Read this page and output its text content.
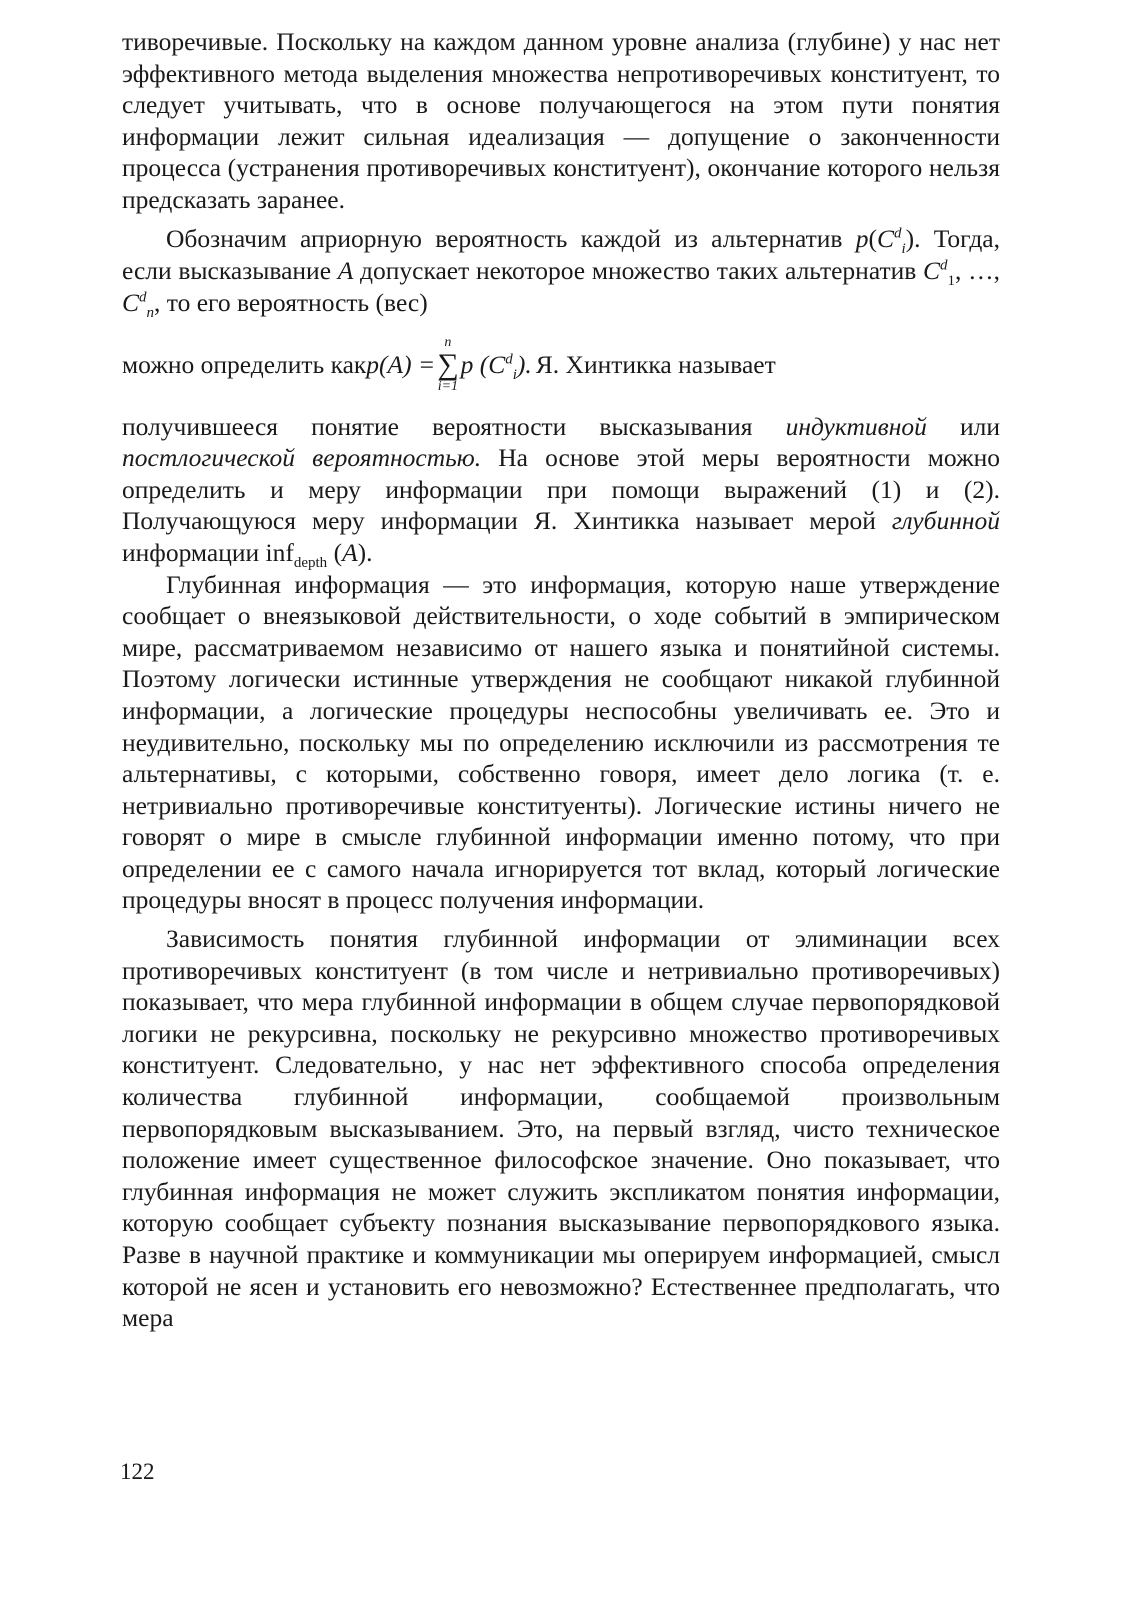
тиворечивые. Поскольку на каждом данном уровне анализа (глубине) у нас нет эффективного метода выделения множества непротиворечивых конституент, то следует учитывать, что в основе получающегося на этом пути понятия информации лежит сильная идеализация — допущение о законченности процесса (устранения противоречивых конституент), окончание которого нельзя предсказать заранее.

Обозначим априорную вероятность каждой из альтернатив $p(C^d_i)$. Тогда, если высказывание A допускает некоторое множество таких альтернатив $C^d_1$, …, $C^d_n$, то его вероятность (вес)

можно определить как p(A) =
n
∑
i=1
p $(C^d_i)$. Я. Хинтикка называет

получившееся понятие вероятности высказывания индуктивной или постлогической вероятностью. На основе этой меры вероятности можно определить и меру информации при помощи выражений (1) и (2). Получающуюся меру информации Я. Хинтикка называет мерой глубинной информации inf$_{depth}$ (A).

Глубинная информация — это информация, которую наше утверждение сообщает о внеязыковой действительности, о ходе событий в эмпирическом мире, рассматриваемом независимо от нашего языка и понятийной системы. Поэтому логически истинные утверждения не сообщают никакой глубинной информации, а логические процедуры неспособны увеличивать ее. Это и неудивительно, поскольку мы по определению исключили из рассмотрения те альтернативы, с которыми, собственно говоря, имеет дело логика (т. е. нетривиально противоречивые конституенты). Логические истины ничего не говорят о мире в смысле глубинной информации именно потому, что при определении ее с самого начала игнорируется тот вклад, который логические процедуры вносят в процесс получения информации.

Зависимость понятия глубинной информации от элиминации всех противоречивых конституент (в том числе и нетривиально противоречивых) показывает, что мера глубинной информации в общем случае первопорядковой логики не рекурсивна, поскольку не рекурсивно множество противоречивых конституент. Следовательно, у нас нет эффективного способа определения количества глубинной информации, сообщаемой произвольным первопорядковым высказыванием. Это, на первый взгляд, чисто техническое положение имеет существенное философское значение. Оно показывает, что глубинная информация не может служить экспликатом понятия информации, которую сообщает субъекту познания высказывание первопорядкового языка. Разве в научной практике и коммуникации мы оперируем информацией, смысл которой не ясен и установить его невозможно? Естественнее предполагать, что мера

122
